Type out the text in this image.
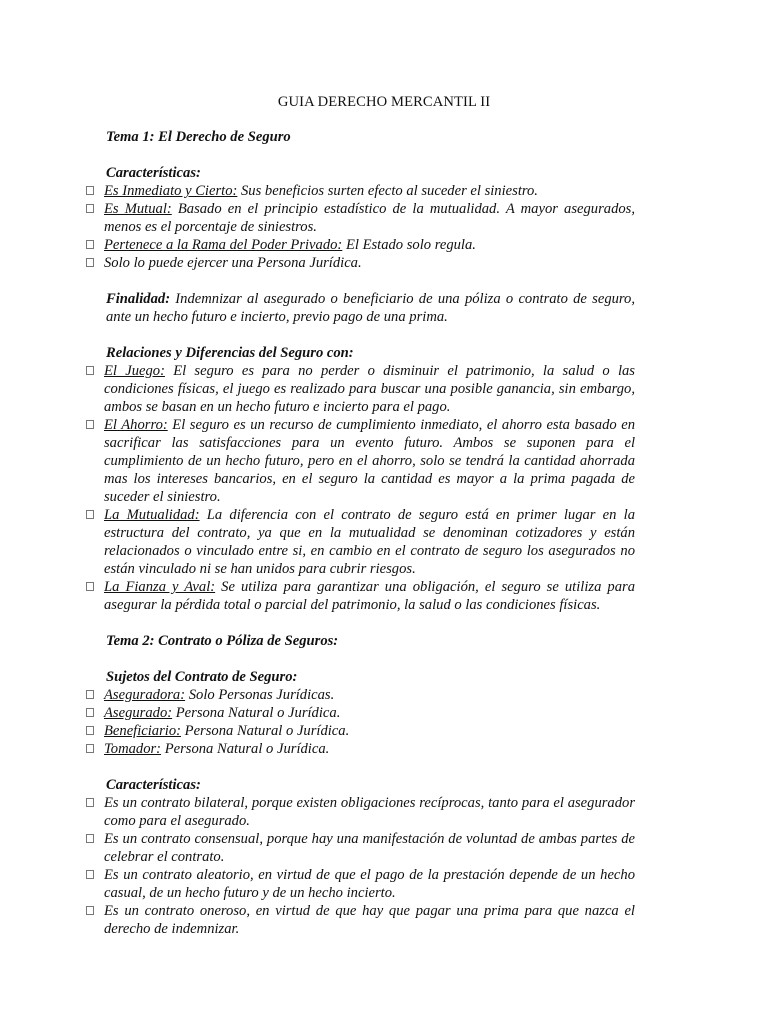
GUIA DERECHO MERCANTIL II
Tema 1: El Derecho de Seguro
Características:
Es Inmediato y Cierto: Sus beneficios surten efecto al suceder el siniestro.
Es Mutual: Basado en el principio estadístico de la mutualidad. A mayor asegurados, menos es el porcentaje de siniestros.
Pertenece a la Rama del Poder Privado: El Estado solo regula.
Solo lo puede ejercer una Persona Jurídica.
Finalidad: Indemnizar al asegurado o beneficiario de una póliza o contrato de seguro, ante un hecho futuro e incierto, previo pago de una prima.
Relaciones y Diferencias del Seguro con:
El Juego: El seguro es para no perder o disminuir el patrimonio, la salud o las condiciones físicas, el juego es realizado para buscar una posible ganancia, sin embargo, ambos se basan en un hecho futuro e incierto para el pago.
El Ahorro: El seguro es un recurso de cumplimiento inmediato, el ahorro esta basado en sacrificar las satisfacciones para un evento futuro. Ambos se suponen para el cumplimiento de un hecho futuro, pero en el ahorro, solo se tendrá la cantidad ahorrada mas los intereses bancarios, en el seguro la cantidad es mayor a la prima pagada de suceder el siniestro.
La Mutualidad: La diferencia con el contrato de seguro está en primer lugar en la estructura del contrato, ya que en la mutualidad se denominan cotizadores y están relacionados o vinculado entre si, en cambio en el contrato de seguro los asegurados no están vinculado ni se han unidos para cubrir riesgos.
La Fianza y Aval: Se utiliza para garantizar una obligación, el seguro se utiliza para asegurar la pérdida total o parcial del patrimonio, la salud o las condiciones físicas.
Tema 2: Contrato o Póliza de Seguros:
Sujetos del Contrato de Seguro:
Aseguradora: Solo Personas Jurídicas.
Asegurado: Persona Natural o Jurídica.
Beneficiario: Persona Natural o Jurídica.
Tomador: Persona Natural o Jurídica.
Características:
Es un contrato bilateral, porque existen obligaciones recíprocas, tanto para el asegurador como para el asegurado.
Es un contrato consensual, porque hay una manifestación de voluntad de ambas partes de celebrar el contrato.
Es un contrato aleatorio, en virtud de que el pago de la prestación depende de un hecho casual, de un hecho futuro y de un hecho incierto.
Es un contrato oneroso, en virtud de que hay que pagar una prima para que nazca el derecho de indemnizar.
